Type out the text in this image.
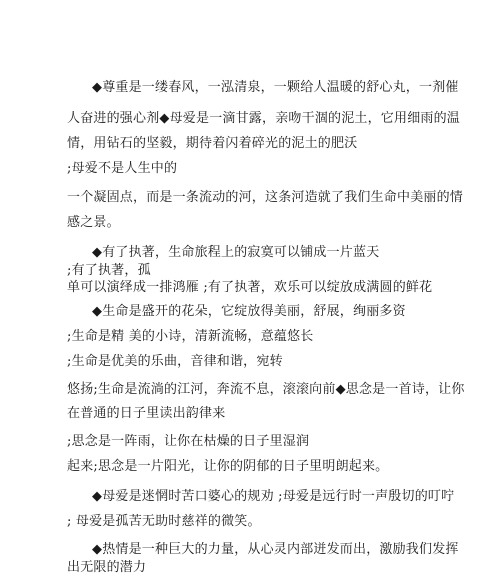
◆尊重是一缕春风，一泓清泉，一颗给人温暖的舒心丸，一剂催
人奋进的强心剂◆母爱是一滴甘露，亲吻干涸的泥土，它用细雨的温
情，用钻石的坚毅，期待着闪着碎光的泥土的肥沃
;母爱不是人生中的
一个凝固点，而是一条流动的河，这条河造就了我们生命中美丽的情
感之景。
◆有了执著，生命旅程上的寂寞可以铺成一片蓝天
;有了执著，孤
单可以演绎成一排鸿雁 ;有了执著，欢乐可以绽放成满圆的鲜花
◆生命是盛开的花朵，它绽放得美丽，舒展，绚丽多资
;生命是精 美的小诗，清新流畅，意蕴悠长
;生命是优美的乐曲，音律和谐，宛转
悠扬;生命是流淌的江河，奔流不息，滚滚向前◆思念是一首诗，让你
在普通的日子里读出韵律来
;思念是一阵雨，让你在枯燥的日子里湿润
起来;思念是一片阳光，让你的阴郁的日子里明朗起来。
◆母爱是迷惘时苦口婆心的规劝 ;母爱是远行时一声殷切的叮咛
; 母爱是孤苦无助时慈祥的微笑。
◆热情是一种巨大的力量，从心灵内部迸发而出，激励我们发挥
出无限的潜力
